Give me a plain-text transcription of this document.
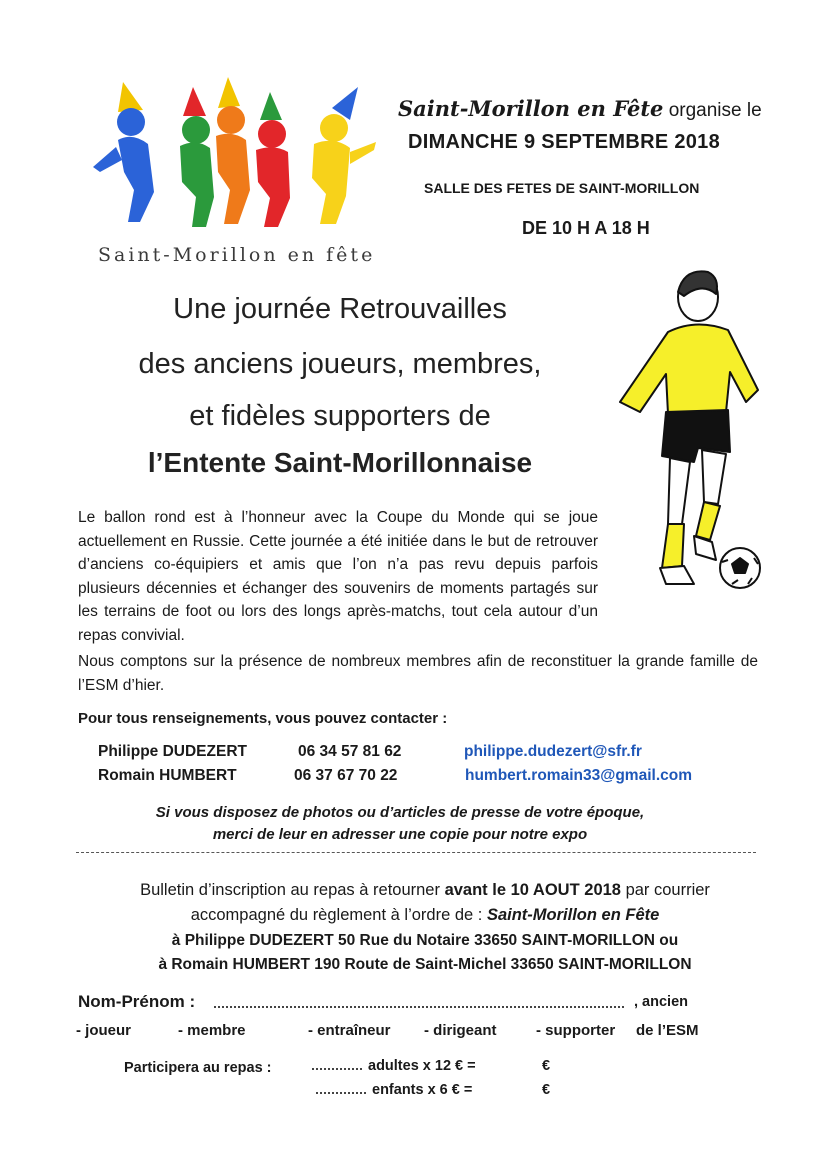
Saint-Morillon en fête
Saint-Morillon en Fête organise le
DIMANCHE 9 SEPTEMBRE 2018
SALLE DES FETES DE SAINT-MORILLON
DE 10 H A 18 H
Une journée Retrouvailles
des anciens joueurs, membres,
et fidèles supporters de
l’Entente Saint-Morillonnaise
Le ballon rond est à l’honneur avec la Coupe du Monde qui se joue actuellement en Russie. Cette journée a été initiée dans le but de retrouver d’anciens co-équipiers et amis que l’on n’a pas revu depuis parfois plusieurs décennies et échanger des souvenirs de moments partagés sur les terrains de foot ou lors des longs après-matchs, tout cela autour d’un repas convivial.
Nous comptons sur la présence de nombreux membres afin de reconstituer la grande famille de l’ESM d’hier.
Pour tous renseignements, vous pouvez contacter :
Philippe DUDEZERT	06 34 57 81 62	philippe.dudezert@sfr.fr
Romain HUMBERT	06 37 67 70 22	humbert.romain33@gmail.com
Si vous disposez de photos ou d’articles de presse de votre époque,
merci de leur en adresser une copie pour notre expo
Bulletin d’inscription au repas à retourner avant le 10 AOUT 2018 par courrier
accompagné du règlement à l’ordre de : Saint-Morillon en Fête
à Philippe DUDEZERT 50 Rue du Notaire 33650 SAINT-MORILLON ou
à Romain HUMBERT 190 Route de Saint-Michel 33650 SAINT-MORILLON
Nom-Prénom :	, ancien
- joueur	- membre	- entraîneur - dirigeant	- supporter de l’ESM
Participera au repas :	adultes x 12 € =	€
enfants x 6 € =	€
